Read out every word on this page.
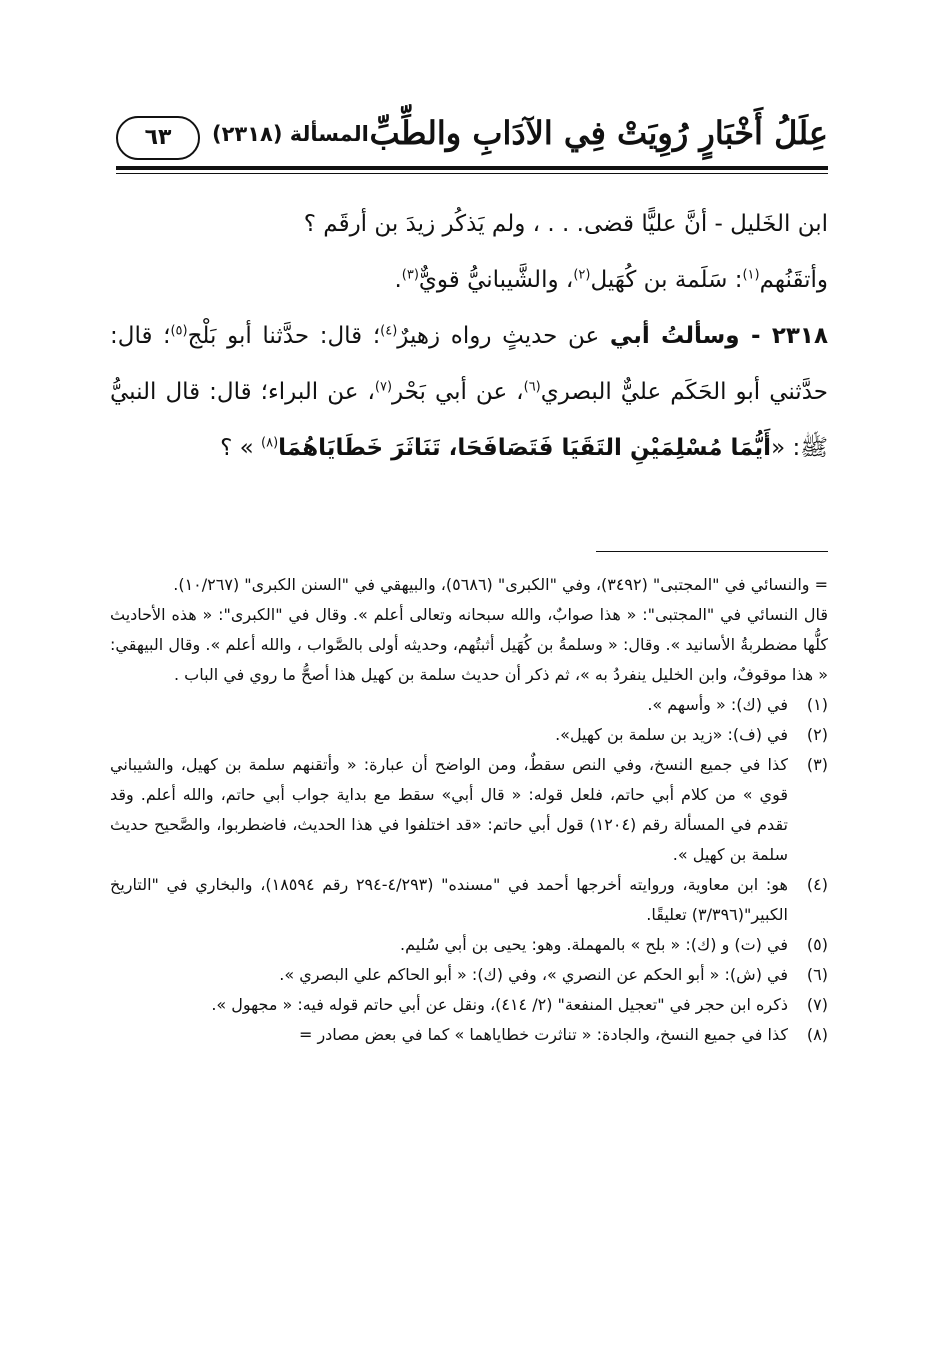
عِلَلُ أَخْبَارٍ رُوِيَتْ فِي الآدَابِ والطِّبِّ
المسألة (٢٣١٨)
٦٣

ابن الخَليل - أنَّ عليًّا قضى. . . ، ولم يَذكُر زيدَ بن أرقَم ؟

وأتقَنُهم$^{(١)}$: سَلَمة بن كُهَيل$^{(٢)}$، والشَّيبانيُّ قويٌّ$^{(٣)}$.

٢٣١٨ - وسألتُ أبي عن حديثٍ رواه زهيرٌ$^{(٤)}$؛ قال: حدَّثنا أبو بَلْج$^{(٥)}$؛ قال: حدَّثني أبو الحَكَم عليٌّ البصري$^{(٦)}$، عن أبي بَحْر$^{(٧)}$، عن البراء؛ قال: قال النبيُّ ﷺ: «أَيُّمَا مُسْلِمَيْنِ التَقَيَا فَتَصَافَحَا، تَنَاثَرَ خَطَايَاهُمَا$^{(٨)}$ » ؟

= والنسائي في "المجتبى" (٣٤٩٢)، وفي "الكبرى" (٥٦٨٦)، والبيهقي في "السنن الكبرى" (١٠/٢٦٧).

قال النسائي في "المجتبى": « هذا صوابٌ، والله سبحانه وتعالى أعلم ». وقال في "الكبرى": « هذه الأحاديث كلُّها مضطربةُ الأسانيد ». وقال: « وسلمةُ بن كُهَيل أثبتُهم، وحديثه أولى بالصَّواب ، والله أعلم ». وقال البيهقي: « هذا موقوفٌ، وابن الخليل ينفردُ به »، ثم ذكر أن حديث سلمة بن كهيل هذا أصحُّ ما روي في الباب .

(١)
في (ك): « وأسهم ».
(٢)
في (ف): «زيد بن سلمة بن كهيل».
(٣)
كذا في جميع النسخ، وفي النص سقطٌ، ومن الواضح أن عبارة: « وأتقنهم سلمة بن كهيل، والشيباني قوي » من كلام أبي حاتم، فلعل قوله: « قال أبي» سقط مع بداية جواب أبي حاتم، والله أعلم. وقد تقدم في المسألة رقم (١٢٠٤) قول أبي حاتم: «قد اختلفوا في هذا الحديث، فاضطربوا، والصَّحيح حديث سلمة بن كهيل ».
(٤)
هو: ابن معاوية، وروايته أخرجها أحمد في "مسنده" (٤/٢٩٣-٢٩٤ رقم ١٨٥٩٤)، والبخاري في "التاريخ الكبير"(٣/٣٩٦) تعليقًا.
(٥)
في (ت) و (ك): « بلح » بالمهملة. وهو: يحيى بن أبي سُليم.
(٦)
في (ش): « أبو الحكم عن النصري »، وفي (ك): « أبو الحاكم علي البصري ».
(٧)
ذكره ابن حجر في "تعجيل المنفعة" (٢/ ٤١٤)، ونقل عن أبي حاتم قوله فيه: « مجهول ».
(٨)
كذا في جميع النسخ، والجادة: « تناثرت خطاياهما » كما في بعض مصادر =
